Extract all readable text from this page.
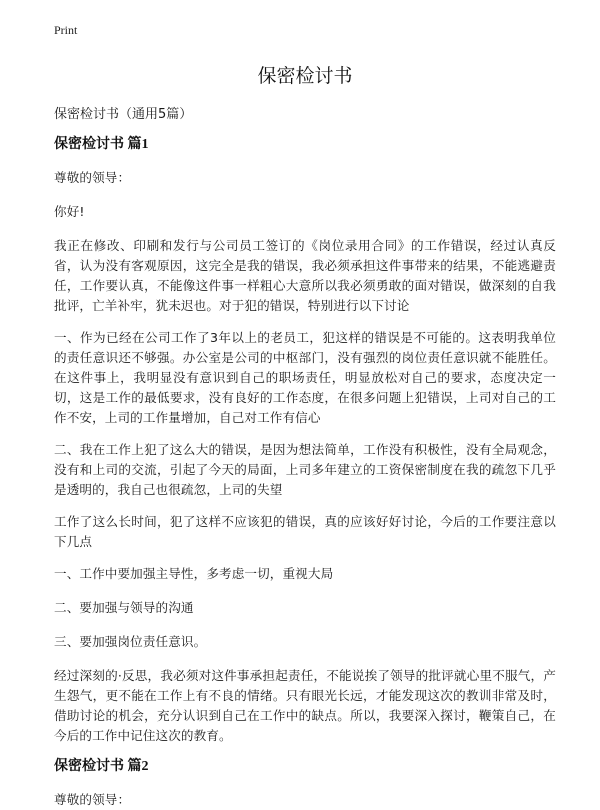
Print
保密检讨书

保密检讨书（通用5篇）

保密检讨书 篇1

尊敬的领导：

你好!

我正在修改、印刷和发行与公司员工签订的《岗位录用合同》的工作错误，经过认真反省，认为没有客观原因，这完全是我的错误，我必须承担这件事带来的结果，不能逃避责任，工作要认真，不能像这件事一样粗心大意所以我必须勇敢的面对错误，做深刻的自我批评，亡羊补牢，犹未迟也。对于犯的错误，特别进行以下讨论

一、作为已经在公司工作了3年以上的老员工，犯这样的错误是不可能的。这表明我单位的责任意识还不够强。办公室是公司的中枢部门，没有强烈的岗位责任意识就不能胜任。在这件事上，我明显没有意识到自己的职场责任，明显放松对自己的要求，态度决定一切，这是工作的最低要求，没有良好的工作态度，在很多问题上犯错误，上司对自己的工作不安，上司的工作量增加，自己对工作有信心

二、我在工作上犯了这么大的错误，是因为想法简单，工作没有积极性，没有全局观念，没有和上司的交流，引起了今天的局面，上司多年建立的工资保密制度在我的疏忽下几乎是透明的，我自己也很疏忽，上司的失望

工作了这么长时间，犯了这样不应该犯的错误，真的应该好好讨论，今后的工作要注意以下几点

一、工作中要加强主导性，多考虑一切，重视大局

二、要加强与领导的沟通

三、要加强岗位责任意识。

经过深刻的·反思，我必须对这件事承担起责任，不能说挨了领导的批评就心里不服气，产生怨气，更不能在工作上有不良的情绪。只有眼光长远，才能发现这次的教训非常及时，借助讨论的机会，充分认识到自己在工作中的缺点。所以，我要深入探讨，鞭策自己，在今后的工作中记住这次的教育。

保密检讨书 篇2

尊敬的领导：
